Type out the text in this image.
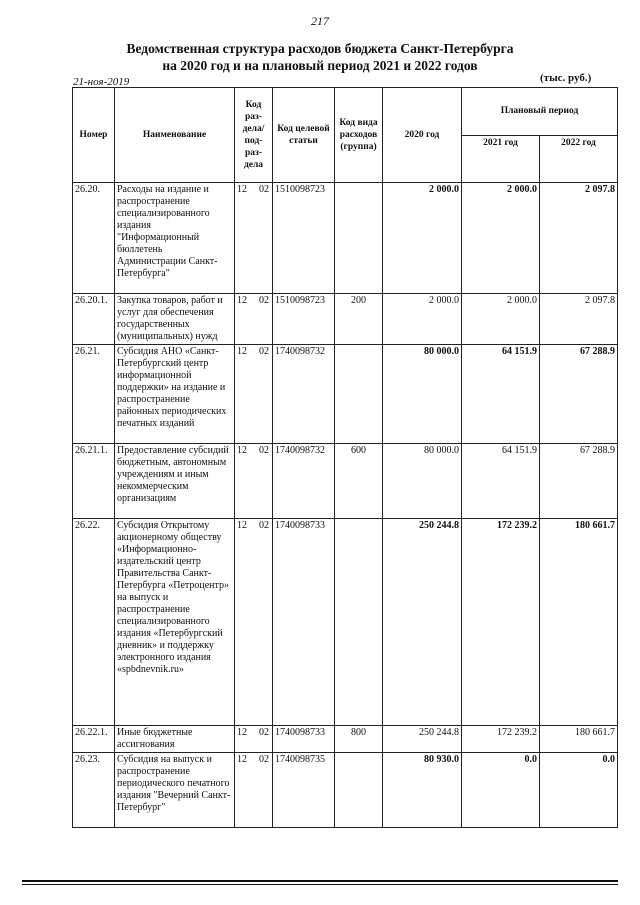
217
Ведомственная структура расходов бюджета Санкт-Петербурга
на 2020 год и на плановый период 2021 и 2022 годов
21-ноя-2019	(тыс. руб.)
Номер	Наименование	Код раз-дела/ под-раз-дела	Код целевой статьи	Код вида расходов (группа)	2020 год	Плановый период	
						2021 год	2022 год
26.20.	Расходы на издание и распространение специализированного издания "Информационный бюллетень Администрации Санкт-Петербурга"	12 02	1510098723		2 000.0	2 000.0	2 097.8
26.20.1.	Закупка товаров, работ и услуг для обеспечения государственных (муниципальных) нужд	12 02	1510098723	200	2 000.0	2 000.0	2 097.8
26.21.	Субсидия АНО «Санкт-Петербургский центр информационной поддержки» на издание и распространение районных периодических печатных изданий	12 02	1740098732		80 000.0	64 151.9	67 288.9
26.21.1.	Предоставление субсидий бюджетным, автономным учреждениям и иным некоммерческим организациям	12 02	1740098732	600	80 000.0	64 151.9	67 288.9
26.22.	Субсидия Открытому акционерному обществу «Информационно-издательский центр Правительства Санкт-Петербурга «Петроцентр» на выпуск и распространение специализированного издания «Петербургский дневник» и поддержку электронного издания «spbdnevnik.ru»	12 02	1740098733		250 244.8	172 239.2	180 661.7
26.22.1.	Иные бюджетные ассигнования	12 02	1740098733	800	250 244.8	172 239.2	180 661.7
26.23.	Субсидия на выпуск и распространение периодического печатного издания "Вечерний Санкт-Петербург"	12 02	1740098735		80 930.0	0.0	0.0
